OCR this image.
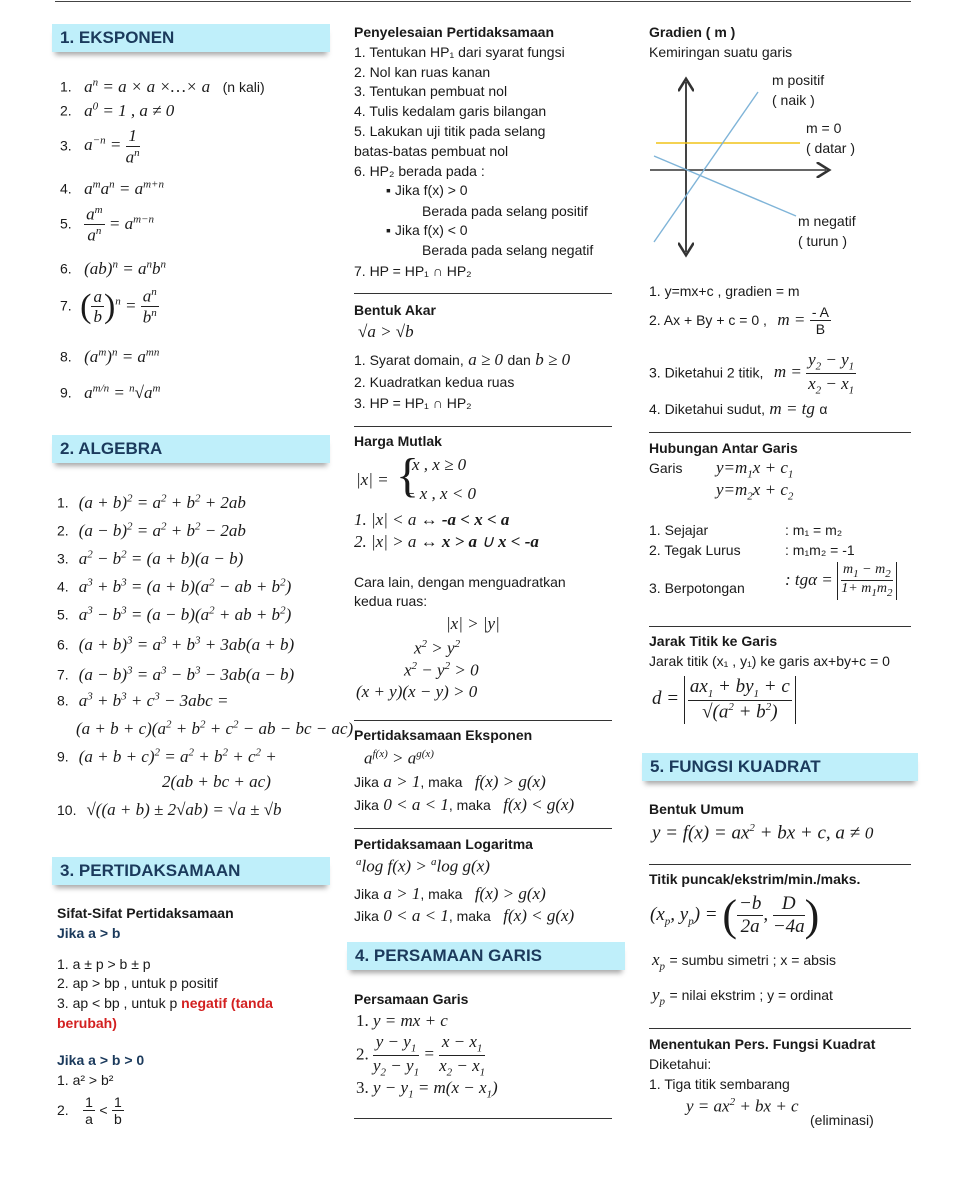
1. EKSPONEN
1. $a^n = a \times a$ ×…× a (n kali)
2. $a^0 = 1$ , a ≠ 0
3. $a^{-n} = \frac{1}{a^n}$
4. $a^ma^n = a^{m+n}$
5. $\frac{a^m}{a^n} = a^{m-n}$
6. $(ab)^n = a^nb^n$
7. ( $\frac{a}{b} )^n = \frac{a^n}{b^n}$
8. $(a^m)^n = a^{mn}$
9. $a^{m/n} = ^n√a^m$
2. ALGEBRA
1. $(a + b)^2 = a^2 + b^2 + 2ab$
2. $(a - b)^2 = a^2 + b^2 - 2ab$
3. $a^2 - b^2 = (a + b)(a - b)$
4. $a^3 + b^3 = (a + b)(a^2$ − ab + $b^2$)
5. $a^3 - b^3 = (a - b)(a^2$ + ab + $b^2$)
6. $(a + b)^3 = a^3 + b^3 + 3ab(a + b)$
7. $(a - b)^3 = a^3 - b^3 - 3ab(a - b)$
8. $a^3 + b^3 + c^3 - 3abc$ =
$(a + b + c)(a^2 + b^2 + c^2$ − ab − bc − ac)
9. $(a + b + c)^2 = a^2 + b^2 + c^2$ +
2(ab + bc + ac)
10. √((a + b) ± 2√ab) = √a ± √b
3. PERTIDAKSAMAAN
Sifat-Sifat Pertidaksamaan
Jika a > b
1. a ± p > b ± p
2. ap > bp , untuk p positif
3. ap < bp , untuk p negatif (tanda
berubah)
Jika a > b > 0
1. a² > b²
2. $\frac{1}{a} < \frac{1}{b}$
Penyelesaian Pertidaksamaan
1. Tentukan HP₁ dari syarat fungsi
2. Nol kan ruas kanan
3. Tentukan pembuat nol
4. Tulis kedalam garis bilangan
5. Lakukan uji titik pada selang
batas-batas pembuat nol
6. HP₂ berada pada :
▪ Jika f(x) > 0
Berada pada selang positif
▪ Jika f(x) < 0
Berada pada selang negatif
7. HP = HP₁ ∩ HP₂
Bentuk Akar
√a > √b
1. Syarat domain, a ≥ 0 dan b ≥ 0
2. Kuadratkan kedua ruas
3. HP = HP₁ ∩ HP₂
Harga Mutlak
|x| = {
x , x ≥ 0
− x , x < 0
1. |x| < a ↔ -a < x < a
2. |x| > a ↔ x > a ∪ x < -a
Cara lain, dengan menguadratkan
kedua ruas:
|x| > |y|
$x^2 > y^2$
$x^2 - y^2 > 0$
(x + y)(x − y) > 0
Pertidaksamaan Eksponen
$a^{f(x)} > a^{g(x)}$
Jika a > 1, maka f(x) > g(x)
Jika 0 < a < 1, maka f(x) < g(x)
Pertidaksamaan Logaritma
$^a$log f(x) > $^a$log g(x)
Jika a > 1, maka f(x) > g(x)
Jika 0 < a < 1, maka f(x) < g(x)
4. PERSAMAAN GARIS
Persamaan Garis
1. y = mx + c
2. $\frac{y - y_1}{y_2 - y_1} = \frac{x - x_1}{x_2 - x_1}$
3. $y - y_1 = m(x - x_1)$
Gradien ( m )
Kemiringan suatu garis
m positif
( naik )
m = 0
( datar )
m negatif
( turun )
1. y=mx+c , gradien = m
2. Ax + By + c = 0 , $m = \frac{- A}{B}$
3. Diketahui 2 titik, $m = \frac{y_2 - y_1}{x_2 - x_1}$
4. Diketahui sudut, m = tg α
Hubungan Antar Garis
Garis $y=m_1x + c_1$
$y=m_2x + c_2$
1. Sejajar	: m₁ = m₂
2. Tegak Lurus	: m₁m₂ = -1
3. Berpotongan : $tg\alpha = \frac{m_1 - m_2}{1+ m_1m_2}$
Jarak Titik ke Garis
Jarak titik (x₁ , y₁) ke garis ax+by+c = 0
$d = \frac{ax_1 + by_1 + c}{√(a^2 + b^2)}$
5. FUNGSI KUADRAT
Bentuk Umum
$y = f(x) = ax^2$ + bx + c, a ≠ 0
Titik puncak/ekstrim/min./maks.
($x_p$, $y_p$) = ( $\frac{-b}{2a}$ , $\frac{D}{-4a}$ )
$x_p$ = sumbu simetri ; x = absis
$y_p$ = nilai ekstrim ; y = ordinat
Menentukan Pers. Fungsi Kuadrat
Diketahui:
1. Tiga titik sembarang
$y = ax^2$ + bx + c
(eliminasi)
